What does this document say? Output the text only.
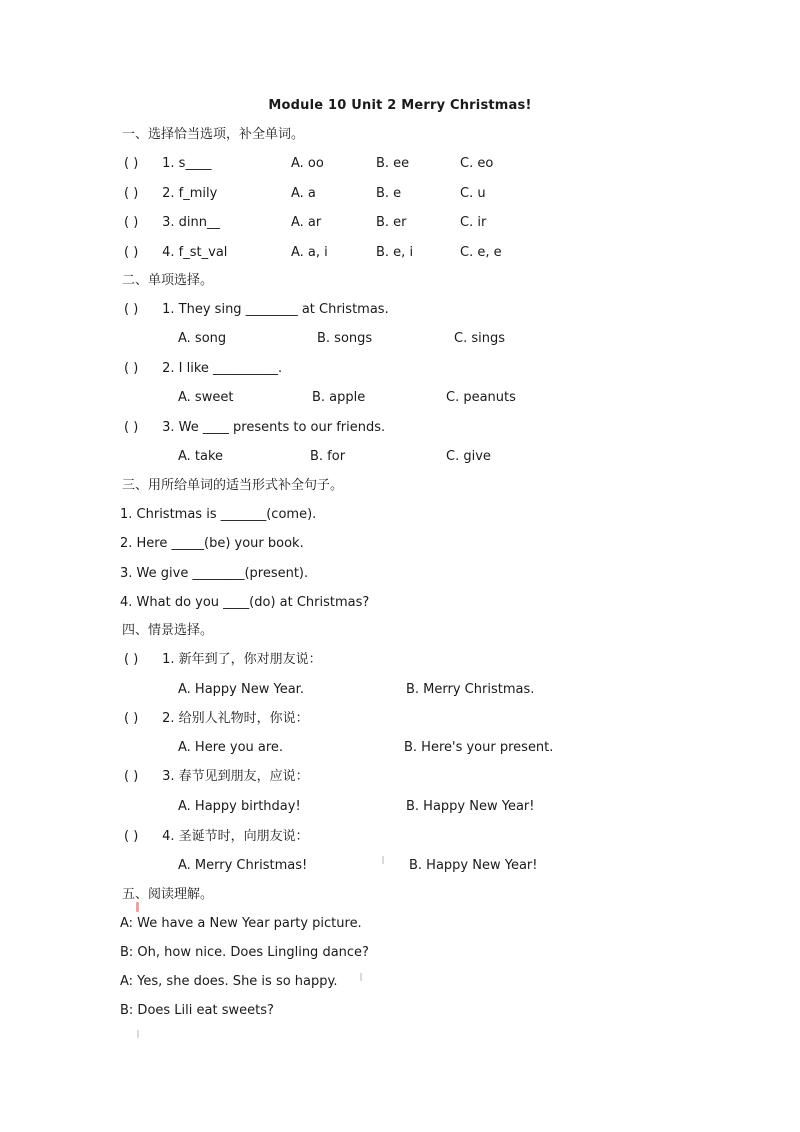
Module 10 Unit 2 Merry Christmas!
一、选择恰当选项，补全单词。
( ) 1. s____	A. oo	B. ee	C. eo
( ) 2. f_mily	A. a	B. e	C. u
( ) 3. dinn__	A. ar	B. er	C. ir
( ) 4. f_st_val	A. a, i	B. e, i	C. e, e
二、单项选择。
( ) 1. They sing ________ at Christmas.
A. song	B. songs	C. sings
( ) 2. I like __________.
A. sweet	B. apple	C. peanuts
( ) 3. We ____ presents to our friends.
A. take	B. for	C. give
三、用所给单词的适当形式补全句子。
1. Christmas is _______(come).
2. Here _____(be) your book.
3. We give ________(present).
4. What do you ____(do) at Christmas?
四、情景选择。
( ) 1. 新年到了，你对朋友说：
A. Happy New Year.	B. Merry Christmas.
( ) 2. 给别人礼物时，你说：
A. Here you are.	B. Here's your present.
( ) 3. 春节见到朋友，应说：
A. Happy birthday!	B. Happy New Year!
( ) 4. 圣诞节时，向朋友说：
A. Merry Christmas!	B. Happy New Year!
五、阅读理解。
A: We have a New Year party picture.
B: Oh, how nice. Does Lingling dance?
A: Yes, she does. She is so happy.
B: Does Lili eat sweets?
